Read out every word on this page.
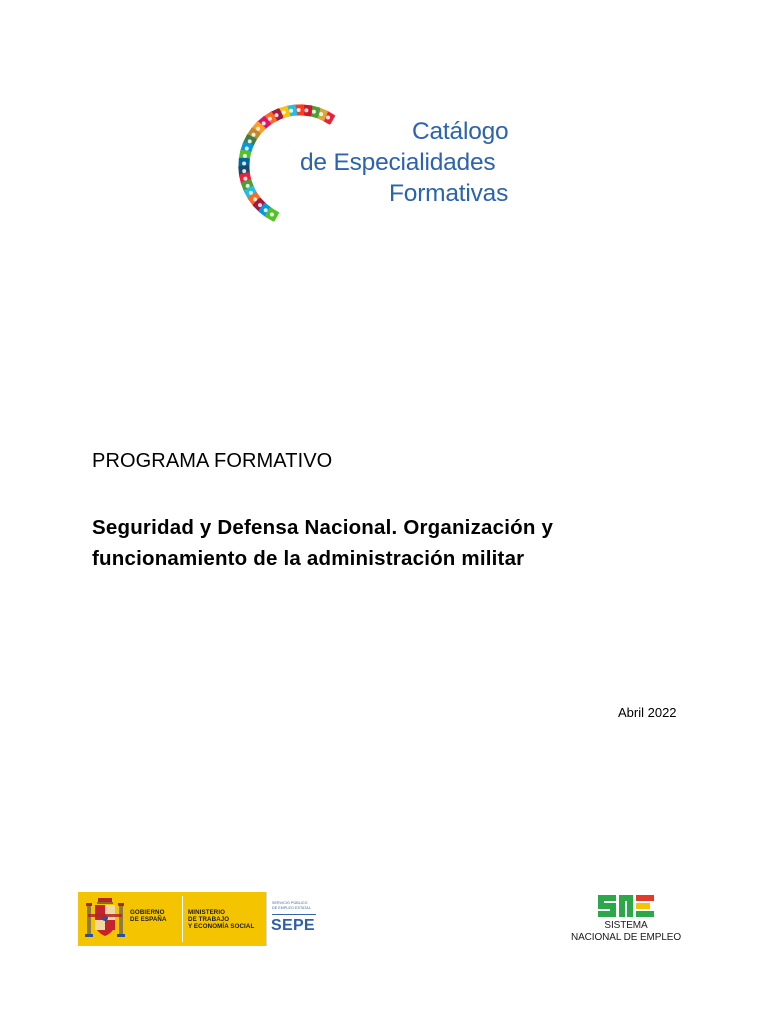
Catálogo
de Especialidades
Formativas
PROGRAMA FORMATIVO
Seguridad y Defensa Nacional. Organización y
funcionamiento de la administración militar

Abril 2022

GOBIERNO
DE ESPAÑA
MINISTERIO
DE TRABAJO
Y ECONOMÍA SOCIAL
SERVICIO PÚBLICO
DE EMPLEO ESTATAL
SEPE	SISTEMA
NACIONAL DE EMPLEO
